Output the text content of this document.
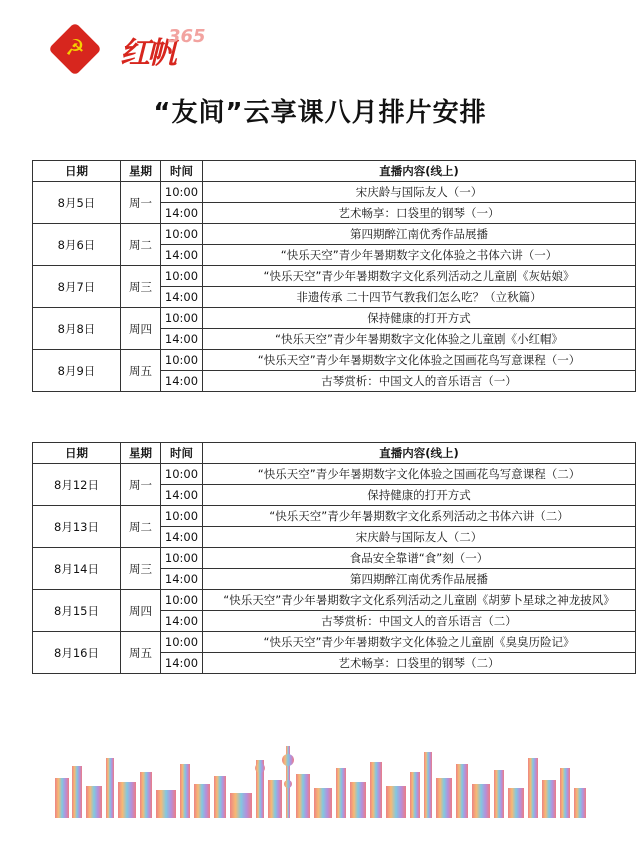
☭	红帆
365
“友间”云享课八月排片安排
日期	星期	时间	直播内容(线上)
8月5日	周一	10:00	宋庆龄与国际友人（一）
		14:00	艺术畅享：口袋里的钢琴（一）
8月6日	周二	10:00	第四期醉江南优秀作品展播
		14:00	“快乐天空”青少年暑期数字文化体验之书体六讲（一）
8月7日	周三	10:00	“快乐天空”青少年暑期数字文化系列活动之儿童剧《灰姑娘》
		14:00	非遗传承 二十四节气教我们怎么吃？（立秋篇）
8月8日	周四	10:00	保持健康的打开方式
		14:00	“快乐天空”青少年暑期数字文化体验之儿童剧《小红帽》
8月9日	周五	10:00	“快乐天空”青少年暑期数字文化体验之国画花鸟写意课程（一）
		14:00	古琴赏析：中国文人的音乐语言（一）
日期	星期	时间	直播内容(线上)
8月12日	周一	10:00	“快乐天空”青少年暑期数字文化体验之国画花鸟写意课程（二）
		14:00	保持健康的打开方式
8月13日	周二	10:00	“快乐天空”青少年暑期数字文化系列活动之书体六讲（二）
		14:00	宋庆龄与国际友人（二）
8月14日	周三	10:00	食品安全靠谱“食”刻（一）
		14:00	第四期醉江南优秀作品展播
8月15日	周四	10:00	“快乐天空”青少年暑期数字文化系列活动之儿童剧《胡萝卜星球之神龙披风》
		14:00	古琴赏析：中国文人的音乐语言（二）
8月16日	周五	10:00	“快乐天空”青少年暑期数字文化体验之儿童剧《臭臭历险记》
		14:00	艺术畅享：口袋里的钢琴（二）
